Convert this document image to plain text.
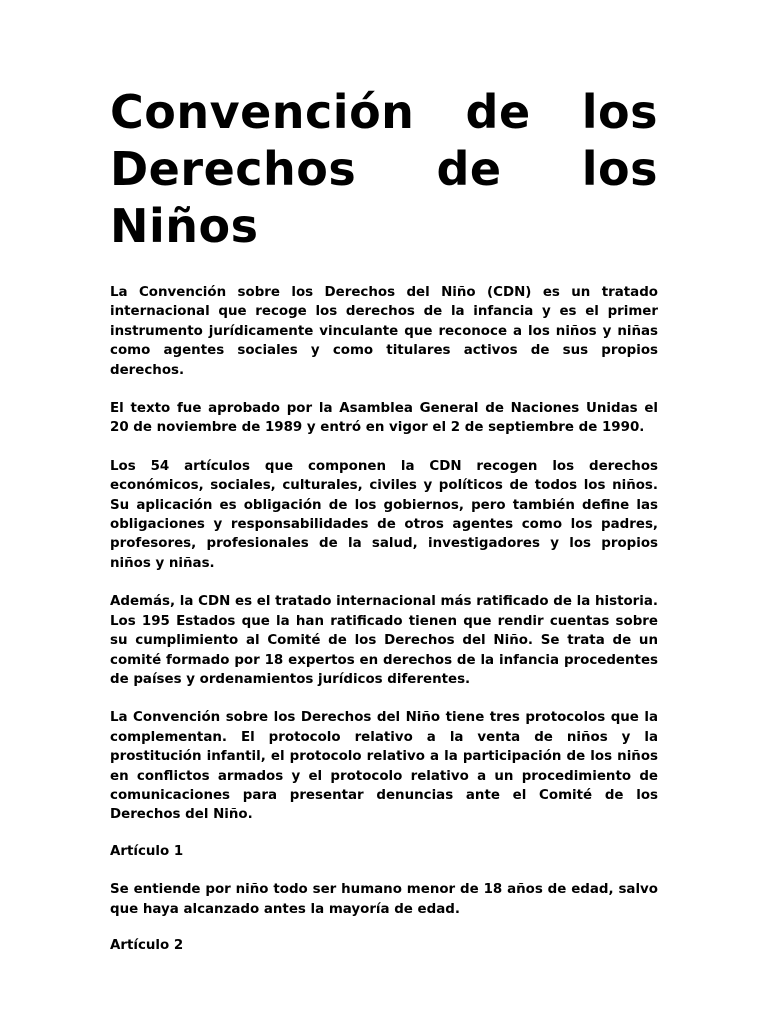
Convención de los Derechos de los Niños

La Convención sobre los Derechos del Niño (CDN) es un tratado internacional que recoge los derechos de la infancia y es el primer instrumento jurídicamente vinculante que reconoce a los niños y niñas como agentes sociales y como titulares activos de sus propios derechos.

El texto fue aprobado por la Asamblea General de Naciones Unidas el 20 de noviembre de 1989 y entró en vigor el 2 de septiembre de 1990.

Los 54 artículos que componen la CDN recogen los derechos económicos, sociales, culturales, civiles y políticos de todos los niños. Su aplicación es obligación de los gobiernos, pero también define las obligaciones y responsabilidades de otros agentes como los padres, profesores, profesionales de la salud, investigadores y los propios niños y niñas.

Además, la CDN es el tratado internacional más ratificado de la historia. Los 195 Estados que la han ratificado tienen que rendir cuentas sobre su cumplimiento al Comité de los Derechos del Niño. Se trata de un comité formado por 18 expertos en derechos de la infancia procedentes de países y ordenamientos jurídicos diferentes.

La Convención sobre los Derechos del Niño tiene tres protocolos que la complementan. El protocolo relativo a la venta de niños y la prostitución infantil, el protocolo relativo a la participación de los niños en conflictos armados y el protocolo relativo a un procedimiento de comunicaciones para presentar denuncias ante el Comité de los Derechos del Niño.

Artículo 1

Se entiende por niño todo ser humano menor de 18 años de edad, salvo que haya alcanzado antes la mayoría de edad.

Artículo 2
